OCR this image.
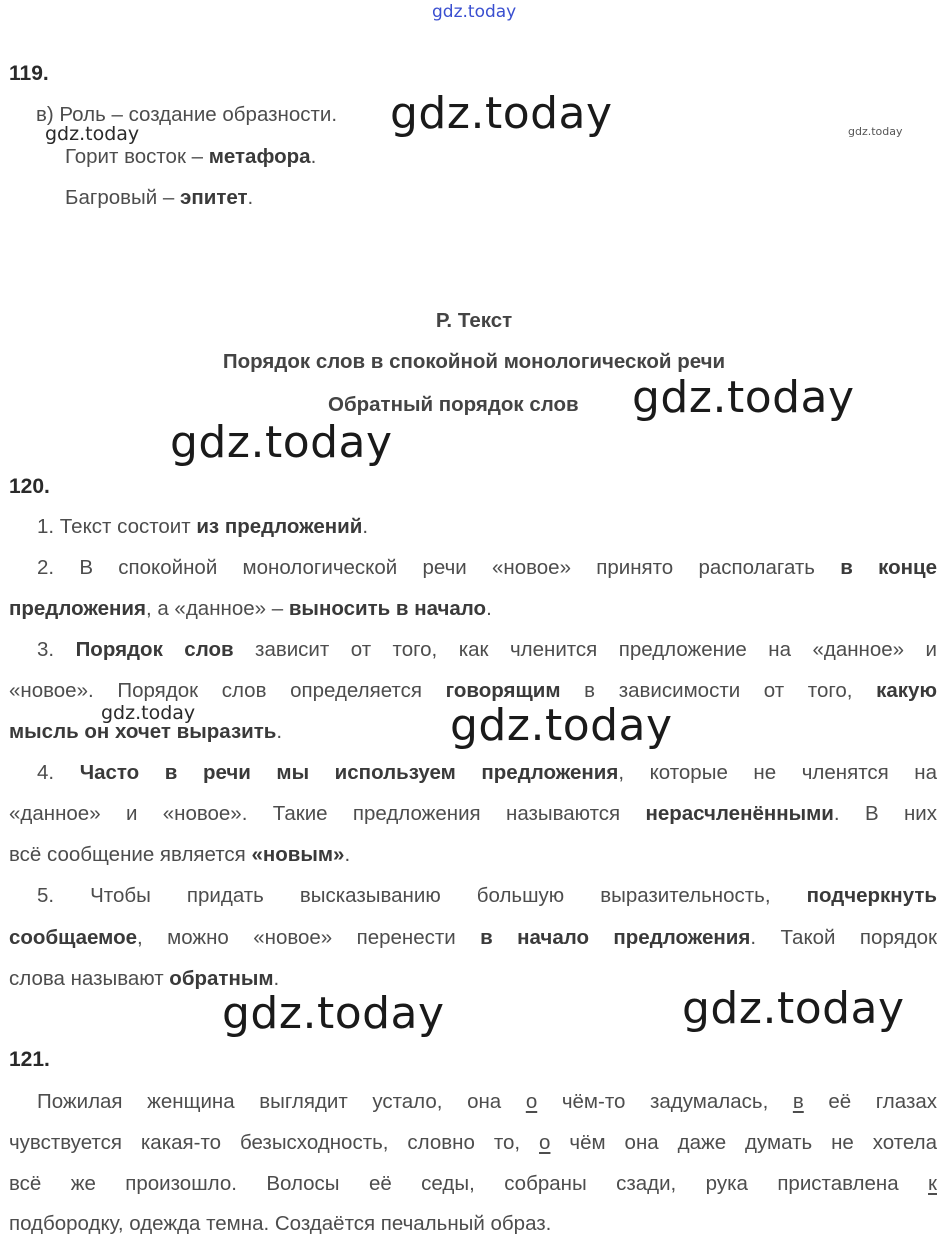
gdz.today
gdz.today
gdz.today	gdz.today
gdz.today
gdz.today
gdz.today	gdz.today
gdz.today	gdz.today
119.
в) Роль – создание образности.
Горит восток – метафора.
Багровый – эпитет.
Р. Текст
Порядок слов в спокойной монологической речи
Обратный порядок слов
120.
1. Текст состоит из предложений.
2. В спокойной монологической речи «новое» принято располагать в конце
предложения, а «данное» – выносить в начало.
3. Порядок слов зависит от того, как членится предложение на «данное» и
«новое». Порядок слов определяется говорящим в зависимости от того, какую
мысль он хочет выразить.
4. Часто в речи мы используем предложения, которые не членятся на
«данное» и «новое». Такие предложения называются нерасчленёнными. В них
всё сообщение является «новым».
5. Чтобы придать высказыванию большую выразительность, подчеркнуть
сообщаемое, можно «новое» перенести в начало предложения. Такой порядок
слова называют обратным.
121.
Пожилая женщина выглядит устало, она о чём-то задумалась, в её глазах
чувствуется какая-то безысходность, словно то, о чём она даже думать не хотела
всё же произошло. Волосы её седы, собраны сзади, рука приставлена к
подбородку, одежда темна. Создаётся печальный образ.
